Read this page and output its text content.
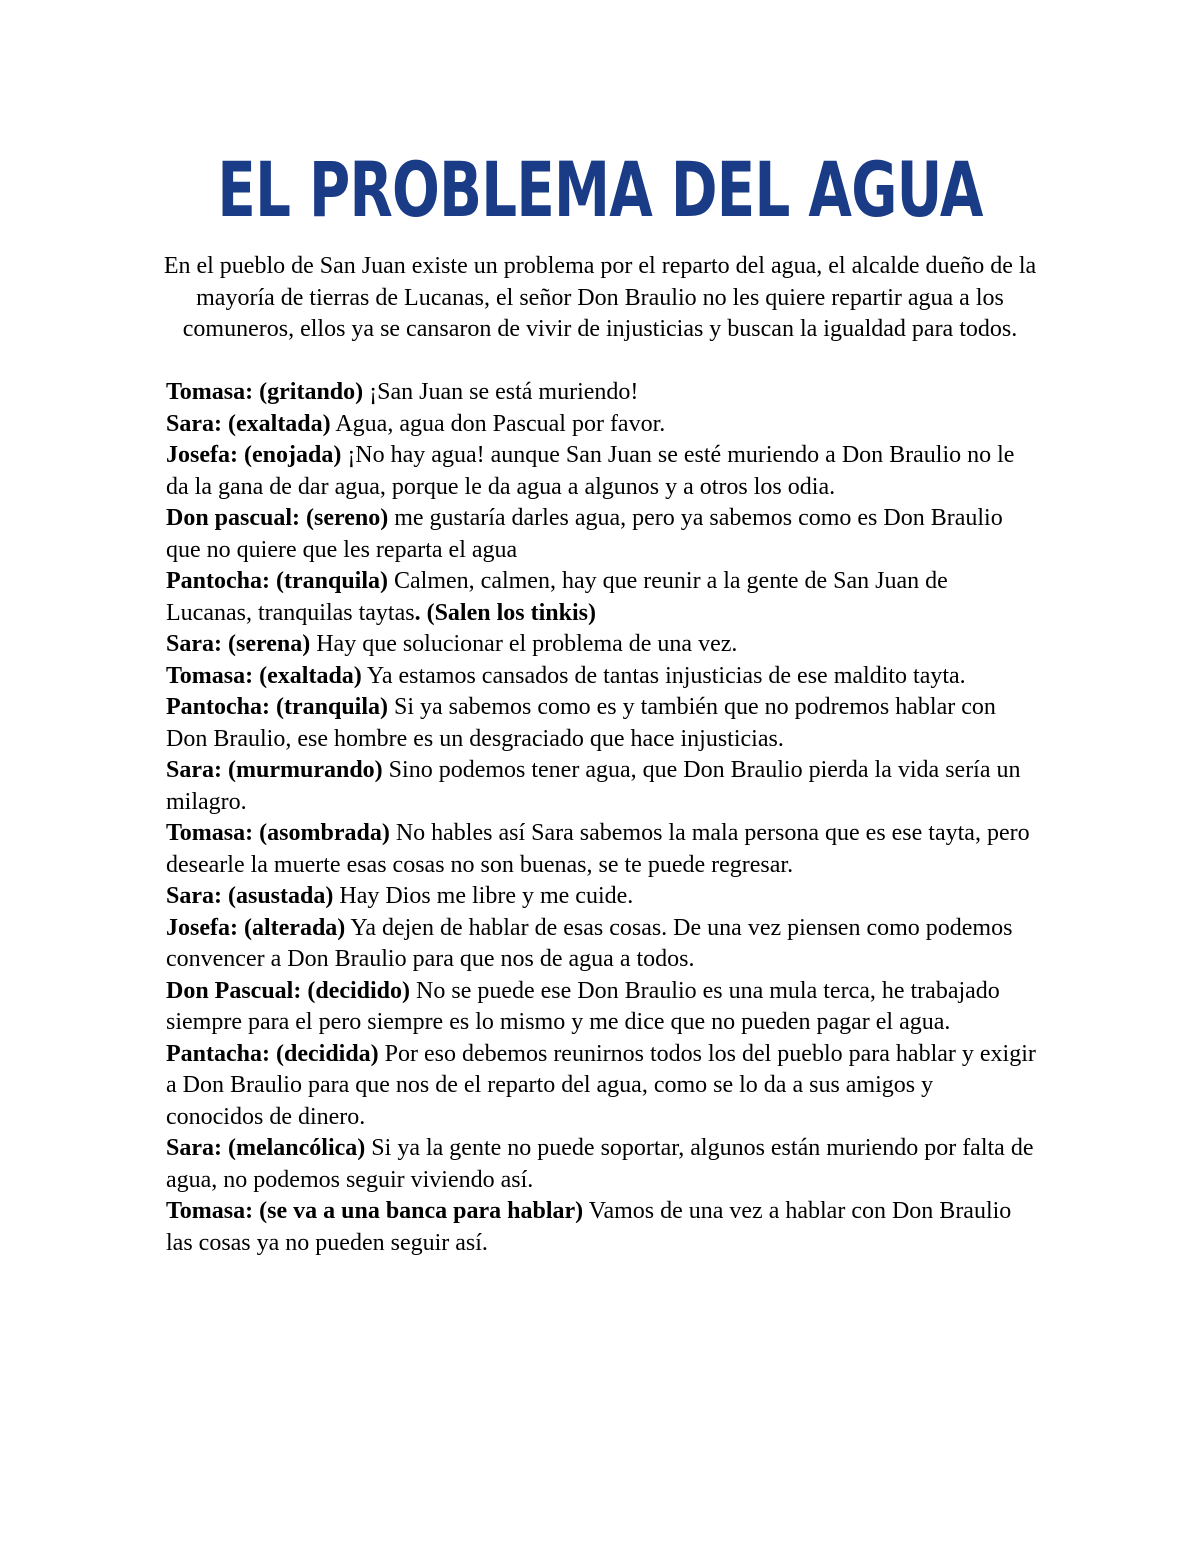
EL PROBLEMA DEL AGUA
En el pueblo de San Juan existe un problema por el reparto del agua, el alcalde dueño de la mayoría de tierras de Lucanas, el señor Don Braulio no les quiere repartir agua a los comuneros, ellos ya se cansaron de vivir de injusticias y buscan la igualdad para todos.

Tomasa: (gritando) ¡San Juan se está muriendo!

Sara: (exaltada) Agua, agua don Pascual por favor.

Josefa: (enojada) ¡No hay agua! aunque San Juan se esté muriendo a Don Braulio no le da la gana de dar agua, porque le da agua a algunos y a otros los odia.

Don pascual: (sereno) me gustaría darles agua, pero ya sabemos como es Don Braulio que no quiere que les reparta el agua

Pantocha: (tranquila) Calmen, calmen, hay que reunir a la gente de San Juan de Lucanas, tranquilas taytas. (Salen los tinkis)

Sara: (serena) Hay que solucionar el problema de una vez.

Tomasa: (exaltada) Ya estamos cansados de tantas injusticias de ese maldito tayta.

Pantocha: (tranquila) Si ya sabemos como es y también que no podremos hablar con Don Braulio, ese hombre es un desgraciado que hace injusticias.

Sara: (murmurando) Sino podemos tener agua, que Don Braulio pierda la vida sería un milagro.

Tomasa: (asombrada) No hables así Sara sabemos la mala persona que es ese tayta, pero desearle la muerte esas cosas no son buenas, se te puede regresar.

Sara: (asustada) Hay Dios me libre y me cuide.

Josefa: (alterada) Ya dejen de hablar de esas cosas. De una vez piensen como podemos convencer a Don Braulio para que nos de agua a todos.

Don Pascual: (decidido) No se puede ese Don Braulio es una mula terca, he trabajado siempre para el pero siempre es lo mismo y me dice que no pueden pagar el agua.

Pantacha: (decidida) Por eso debemos reunirnos todos los del pueblo para hablar y exigir a Don Braulio para que nos de el reparto del agua, como se lo da a sus amigos y conocidos de dinero.

Sara: (melancólica) Si ya la gente no puede soportar, algunos están muriendo por falta de agua, no podemos seguir viviendo así.

Tomasa: (se va a una banca para hablar) Vamos de una vez a hablar con Don Braulio las cosas ya no pueden seguir así.
